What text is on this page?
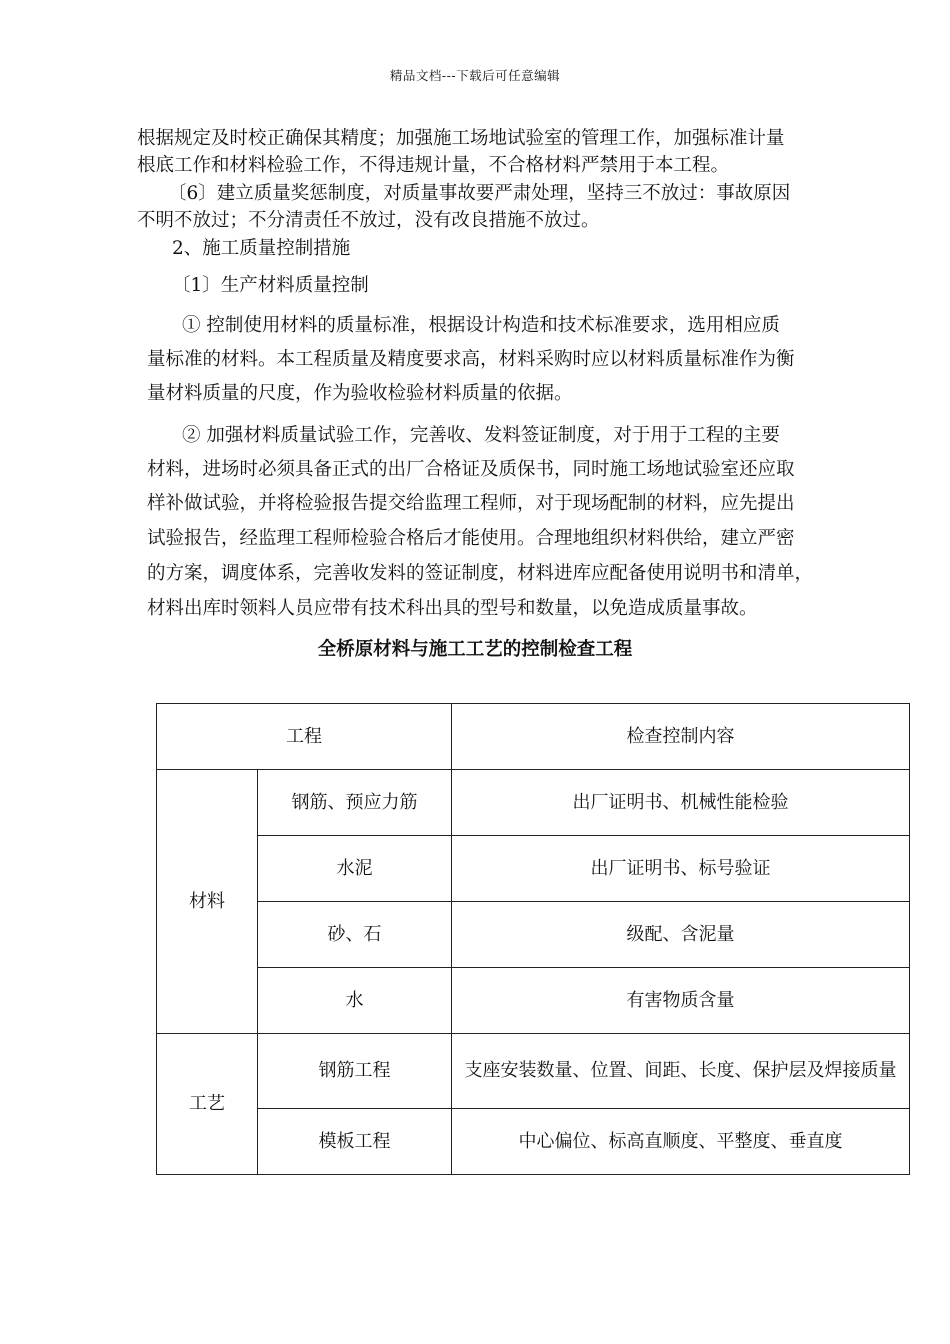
精品文档---下载后可任意编辑
根据规定及时校正确保其精度；加强施工场地试验室的管理工作，加强标准计量
根底工作和材料检验工作，不得违规计量，不合格材料严禁用于本工程。
〔6〕建立质量奖惩制度，对质量事故要严肃处理，坚持三不放过：事故原因
不明不放过；不分清责任不放过，没有改良措施不放过。
2、施工质量控制措施
〔1〕生产材料质量控制
① 控制使用材料的质量标准，根据设计构造和技术标准要求，选用相应质
量标准的材料。本工程质量及精度要求高，材料采购时应以材料质量标准作为衡
量材料质量的尺度，作为验收检验材料质量的依据。
② 加强材料质量试验工作，完善收、发料签证制度，对于用于工程的主要
材料，进场时必须具备正式的出厂合格证及质保书，同时施工场地试验室还应取
样补做试验，并将检验报告提交给监理工程师，对于现场配制的材料，应先提出
试验报告，经监理工程师检验合格后才能使用。合理地组织材料供给，建立严密
的方案，调度体系，完善收发料的签证制度，材料进库应配备使用说明书和清单，
材料出库时领料人员应带有技术科出具的型号和数量，以免造成质量事故。
全桥原材料与施工工艺的控制检查工程
工程		检查控制内容
材料	钢筋、预应力筋	出厂证明书、机械性能检验
	水泥	出厂证明书、标号验证
	砂、石	级配、含泥量
	水	有害物质含量
工艺	钢筋工程	支座安装数量、位置、间距、长度、保护层及焊接质量
	模板工程	中心偏位、标高直顺度、平整度、垂直度
